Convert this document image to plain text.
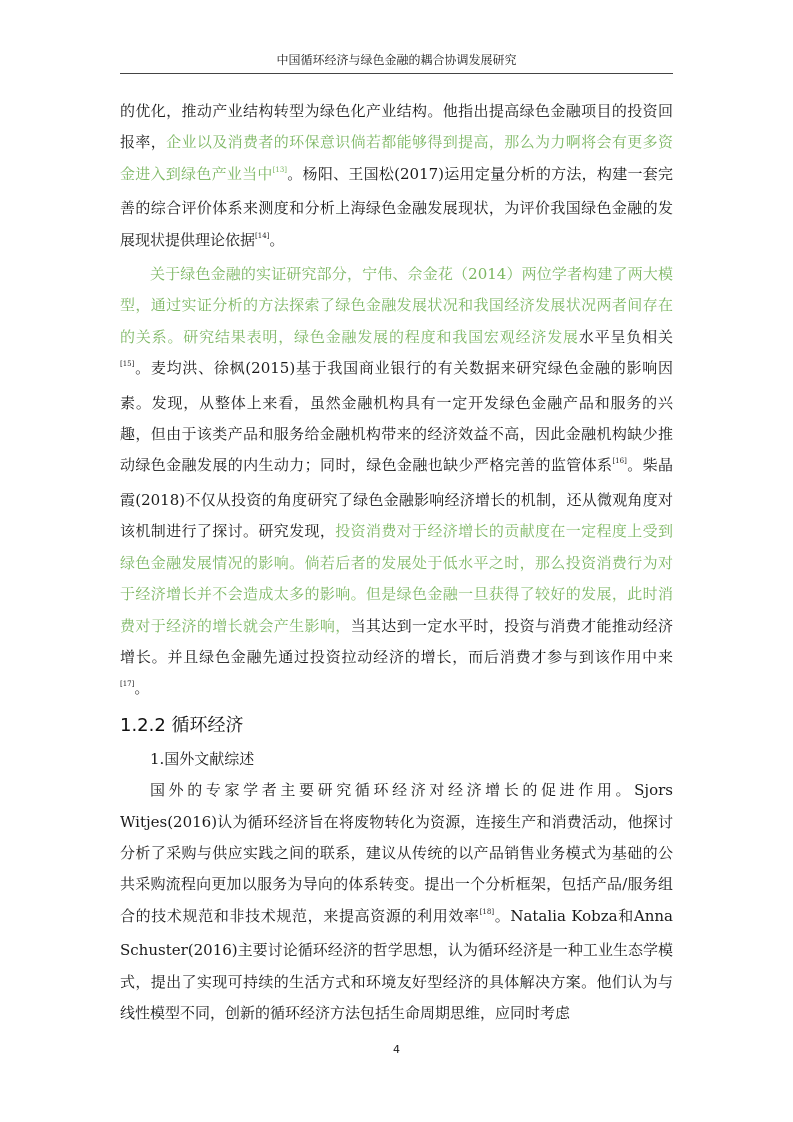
中国循环经济与绿色金融的耦合协调发展研究

的优化，推动产业结构转型为绿色化产业结构。他指出提高绿色金融项目的投资回报率，企业以及消费者的环保意识倘若都能够得到提高，那么为力啊将会有更多资金进入到绿色产业当中[13]。杨阳、王国松(2017)运用定量分析的方法，构建一套完善的综合评价体系来测度和分析上海绿色金融发展现状，为评价我国绿色金融的发展现状提供理论依据[14]。

关于绿色金融的实证研究部分，宁伟、佘金花（2014）两位学者构建了两大模型，通过实证分析的方法探索了绿色金融发展状况和我国经济发展状况两者间存在的关系。研究结果表明，绿色金融发展的程度和我国宏观经济发展水平呈负相关[15]。麦均洪、徐枫(2015)基于我国商业银行的有关数据来研究绿色金融的影响因素。发现，从整体上来看，虽然金融机构具有一定开发绿色金融产品和服务的兴趣，但由于该类产品和服务给金融机构带来的经济效益不高，因此金融机构缺少推动绿色金融发展的内生动力；同时，绿色金融也缺少严格完善的监管体系[16]。柴晶霞(2018)不仅从投资的角度研究了绿色金融影响经济增长的机制，还从微观角度对该机制进行了探讨。研究发现，投资消费对于经济增长的贡献度在一定程度上受到绿色金融发展情况的影响。倘若后者的发展处于低水平之时，那么投资消费行为对于经济增长并不会造成太多的影响。但是绿色金融一旦获得了较好的发展，此时消费对于经济的增长就会产生影响，当其达到一定水平时，投资与消费才能推动经济增长。并且绿色金融先通过投资拉动经济的增长，而后消费才参与到该作用中来[17]。

1.2.2 循环经济

1.国外文献综述

国外的专家学者主要研究循环经济对经济增长的促进作用。Sjors Witjes(2016)认为循环经济旨在将废物转化为资源，连接生产和消费活动，他探讨分析了采购与供应实践之间的联系，建议从传统的以产品销售业务模式为基础的公共采购流程向更加以服务为导向的体系转变。提出一个分析框架，包括产品/服务组合的技术规范和非技术规范，来提高资源的利用效率[18]。Natalia Kobza和Anna Schuster(2016)主要讨论循环经济的哲学思想，认为循环经济是一种工业生态学模式，提出了实现可持续的生活方式和环境友好型经济的具体解决方案。他们认为与线性模型不同，创新的循环经济方法包括生命周期思维，应同时考虑

4
